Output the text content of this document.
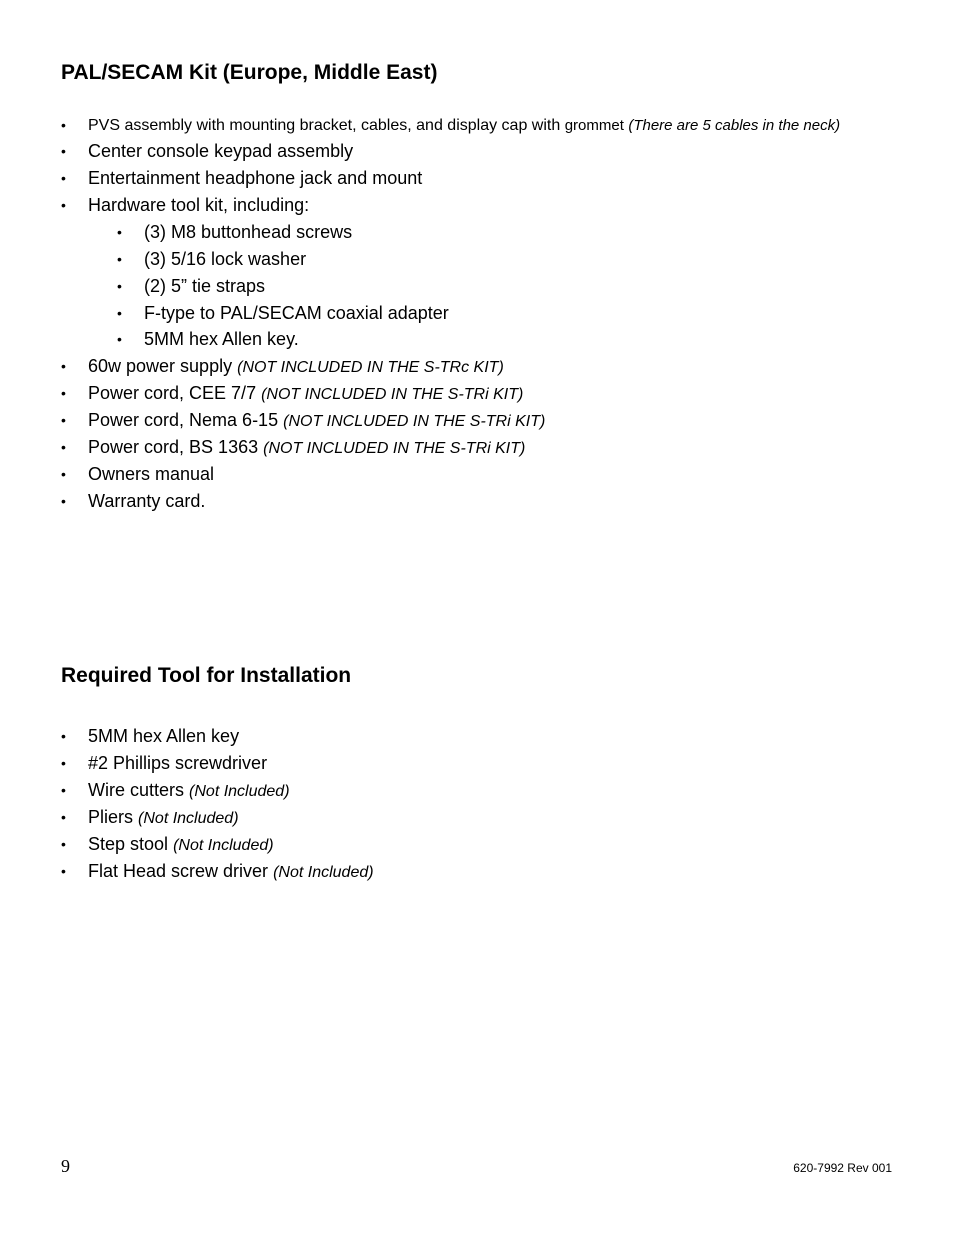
PAL/SECAM Kit (Europe, Middle East)
•	PVS assembly with mounting bracket, cables, and display cap with grommet (There are 5 cables in the neck)
• Center console keypad assembly
• Entertainment headphone jack and mount
• Hardware tool kit, including:
• (3) M8 buttonhead screws
• (3) 5/16 lock washer
• (2) 5” tie straps
• F-type to PAL/SECAM coaxial adapter
• 5MM hex Allen key.
• 60w power supply (NOT INCLUDED IN THE S-TRc KIT)
• Power cord, CEE 7/7 (NOT INCLUDED IN THE S-TRi KIT)
• Power cord, Nema 6-15 (NOT INCLUDED IN THE S-TRi KIT)
• Power cord, BS 1363 (NOT INCLUDED IN THE S-TRi KIT)
• Owners manual
• Warranty card.
Required Tool for Installation
• 5MM hex Allen key
• #2 Phillips screwdriver
• Wire cutters (Not Included)
• Pliers (Not Included)
• Step stool (Not Included)
• Flat Head screw driver (Not Included)
9	620-7992 Rev 001
